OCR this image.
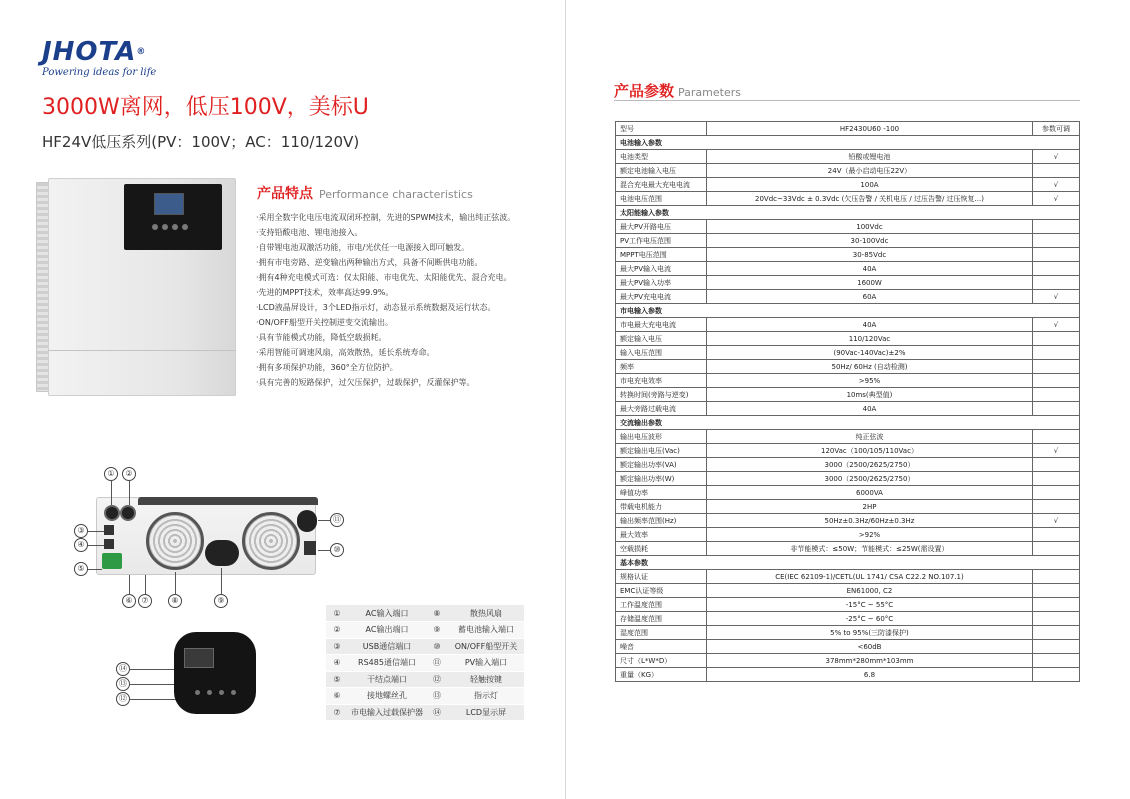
JHOTA®
Powering ideas for life
3000W离网，低压100V，美标U
HF24V低压系列(PV：100V；AC：110/120V)
产品特点 Performance characteristics
·采用全数字化电压电流双闭环控制，先进的SPWM技术，输出纯正弦波。
·支持铅酸电池、锂电池接入。
·自带锂电池双激活功能，市电/光伏任一电源接入即可触发。
·拥有市电旁路、逆变输出两种输出方式，具备不间断供电功能。
·拥有4种充电模式可选：仅太阳能、市电优先、太阳能优先、混合充电。
·先进的MPPT技术，效率高达99.9%。
·LCD液晶屏设计，3个LED指示灯，动态显示系统数据及运行状态。
·ON/OFF船型开关控制逆变交流输出。
·具有节能模式功能，降低空载损耗。
·采用智能可调速风扇，高效散热，延长系统寿命。
·拥有多项保护功能，360°全方位防护。
·具有完善的短路保护，过欠压保护，过载保护，反灌保护等。
①	②
③
④
⑤
⑥	⑦	⑧	⑨
⑪
⑩
⑭
⑬
⑫
①	AC输入端口	⑧	散热风扇
②	AC输出端口	⑨	蓄电池输入端口
③	USB通信端口	⑩	ON/OFF船型开关
④	RS485通信端口	⑪	PV输入端口
⑤	干结点端口	⑫	轻触按键
⑥	接地螺丝孔	⑬	指示灯
⑦	市电输入过载保护器	⑭	LCD显示屏
产品参数 Parameters
型号	HF2430U60 -100	参数可调
电池输入参数		
电池类型	铅酸或锂电池	√
额定电池输入电压	24V（最小启动电压22V）	
混合充电最大充电电流	100A	√
电池电压范围	20Vdc~33Vdc ± 0.3Vdc (欠压告警 / 关机电压 / 过压告警/ 过压恢复...)	√
太阳能输入参数		
最大PV开路电压	100Vdc	
PV工作电压范围	30-100Vdc	
MPPT电压范围	30-85Vdc	
最大PV输入电流	40A	
最大PV输入功率	1600W	
最大PV充电电流	60A	√
市电输入参数		
市电最大充电电流	40A	√
额定输入电压	110/120Vac	
输入电压范围	(90Vac-140Vac)±2%	
频率	50Hz/ 60Hz (自动检测)	
市电充电效率	>95%	
转换时间(旁路与逆变)	10ms(典型值)	
最大旁路过载电流	40A	
交流输出参数		
输出电压波形	纯正弦波	
额定输出电压(Vac)	120Vac（100/105/110Vac）	√
额定输出功率(VA)	3000（2500/2625/2750）	
额定输出功率(W)	3000（2500/2625/2750）	
峰值功率	6000VA	
带载电机能力	2HP	
输出频率范围(Hz)	50Hz±0.3Hz/60Hz±0.3Hz	√
最大效率	>92%	
空载损耗	非节能模式：≤50W；节能模式：≤25W(需设置）	
基本参数		
规格认证	CE(IEC 62109-1)/CETL(UL 1741/ CSA C22.2 NO.107.1)	
EMC认证等级	EN61000, C2	
工作温度范围	-15°C ~ 55°C	
存储温度范围	-25°C ~ 60°C	
湿度范围	5% to 95%(三防漆保护)	
噪音	<60dB	
尺寸（L*W*D）	378mm*280mm*103mm	
重量（KG）	6.8	
